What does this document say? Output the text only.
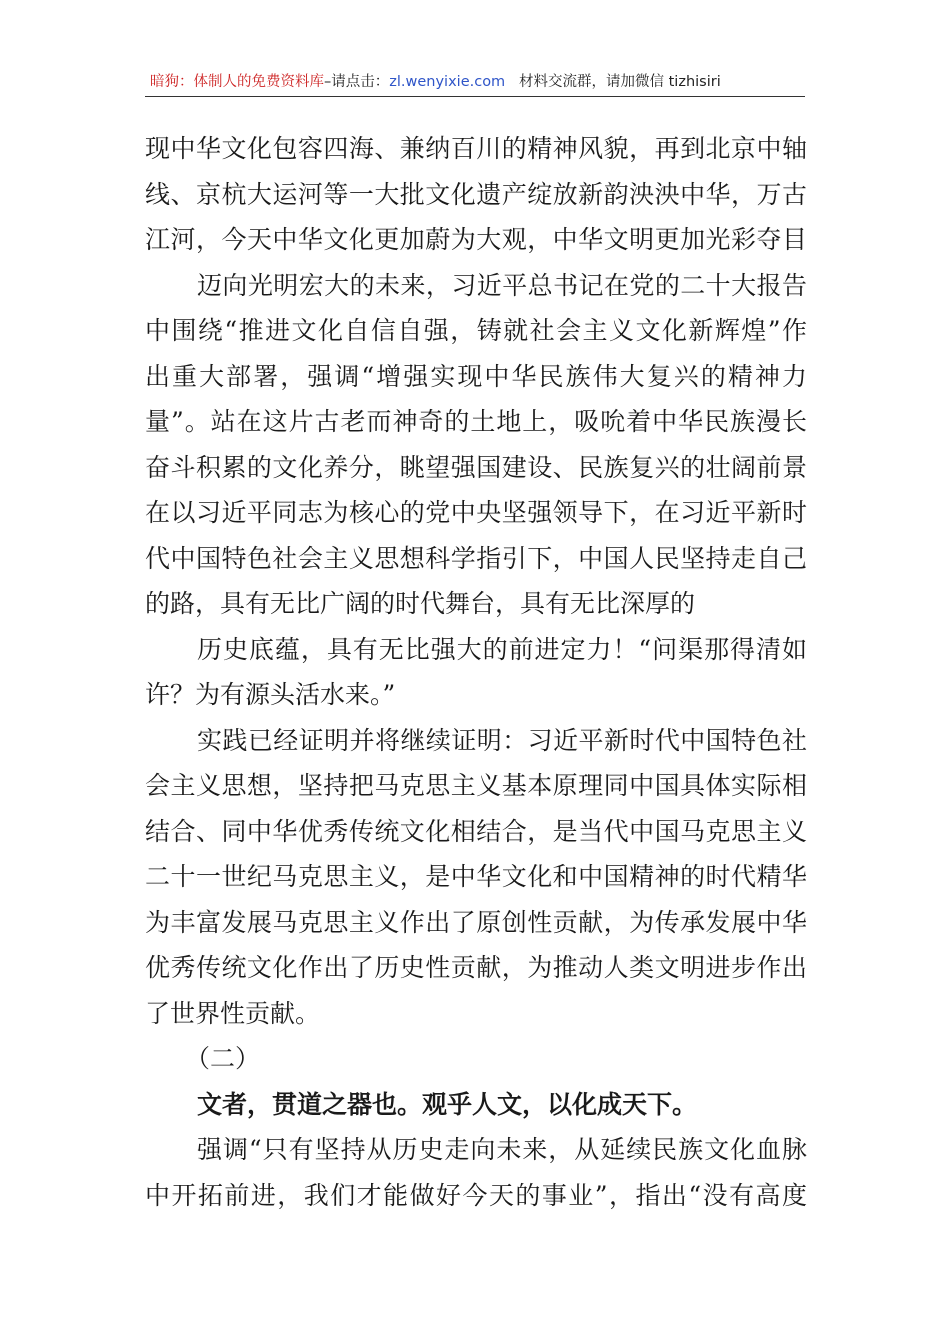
暗狗：体制人的免费资料库–请点击：zl.wenyixie.com 材料交流群，请加微信 tizhisiri
现中华文化包容四海、兼纳百川的精神风貌，再到北京中轴
线、京杭大运河等一大批文化遗产绽放新韵泱泱中华，万古
江河，今天中华文化更加蔚为大观，中华文明更加光彩夺目
迈向光明宏大的未来，习近平总书记在党的二十大报告
中围绕“推进文化自信自强，铸就社会主义文化新辉煌”作
出重大部署，强调“增强实现中华民族伟大复兴的精神力
量”。站在这片古老而神奇的土地上，吸吮着中华民族漫长
奋斗积累的文化养分，眺望强国建设、民族复兴的壮阔前景
在以习近平同志为核心的党中央坚强领导下，在习近平新时
代中国特色社会主义思想科学指引下，中国人民坚持走自己
的路，具有无比广阔的时代舞台，具有无比深厚的
历史底蕴，具有无比强大的前进定力！“问渠那得清如
许？为有源头活水来。”
实践已经证明并将继续证明：习近平新时代中国特色社
会主义思想，坚持把马克思主义基本原理同中国具体实际相
结合、同中华优秀传统文化相结合，是当代中国马克思主义
二十一世纪马克思主义，是中华文化和中国精神的时代精华
为丰富发展马克思主义作出了原创性贡献，为传承发展中华
优秀传统文化作出了历史性贡献，为推动人类文明进步作出
了世界性贡献。
（二）
文者，贯道之器也。观乎人文，以化成天下。
强调“只有坚持从历史走向未来，从延续民族文化血脉
中开拓前进，我们才能做好今天的事业”，指出“没有高度
